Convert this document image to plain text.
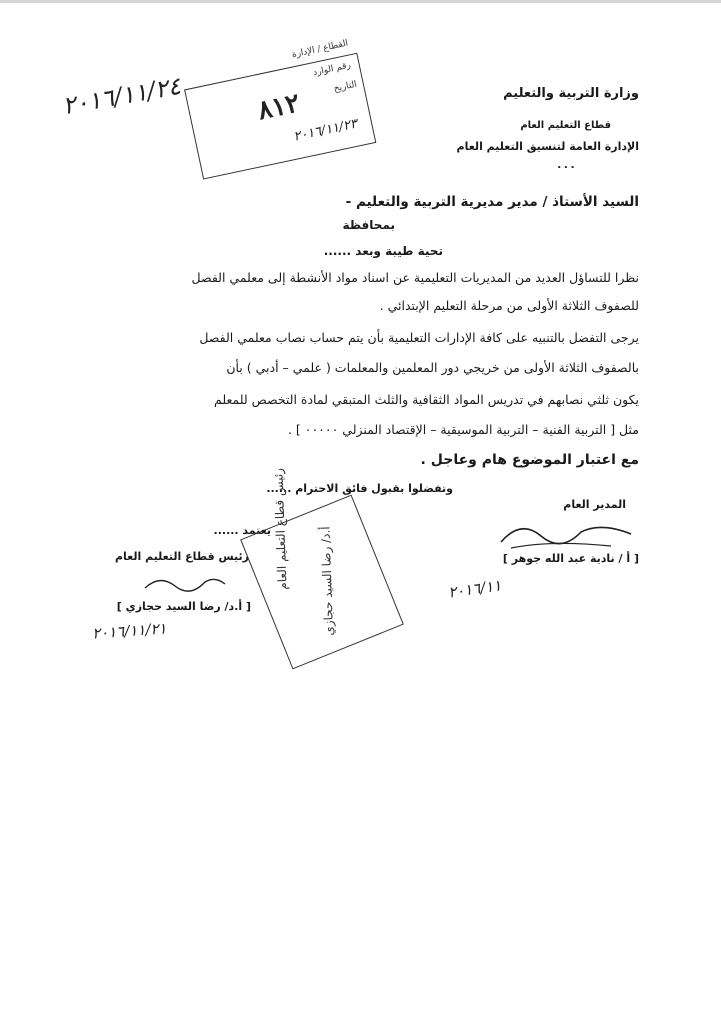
وزارة التربية والتعليم
قطاع التعليم العام
الإدارة العامة لتنسيق التعليم العام
٠٠٠
القطاع / الإدارة
رقم الوارد
٨١٢
التاريخ
٢٠١٦/١١/٢٣
٢٠١٦/١١/٢٤
السيد الأستاذ / مدير مديرية التربية والتعليم -
بمحافظة
تحية طيبة وبعد ......
نظرا للتساؤل العديد من المديريات التعليمية عن اسناد مواد الأنشطة إلى معلمي الفصل
للصفوف الثلاثة الأولى من مرحلة التعليم الإبتدائي .
يرجى التفضل بالتنبيه على كافة الإدارات التعليمية بأن يتم حساب نصاب معلمي الفصل
بالصفوف الثلاثة الأولى من خريجي دور المعلمين والمعلمات ( علمي – أدبي ) بأن
يكون ثلثي نصابهم في تدريس المواد الثقافية والثلث المتبقي لمادة التخصص للمعلم
مثل [ التربية الفنية – التربية الموسيقية – الإقتصاد المنزلي ٠٠٠٠٠ ] .
مع اعتبار الموضوع هام وعاجل .
وتفضلوا بقبول فائق الاحترام ......
المدير العام
[ أ / نادية عبد الله جوهر ]
٢٠١٦/١١
يعتمد ......
رئيس قطاع التعليم العام
[ أ.د/ رضا السيد حجازي ]
٢٠١٦/١١/٢١
رئيس قطاع التعليم العام أ.د/ رضا السيد حجازي
